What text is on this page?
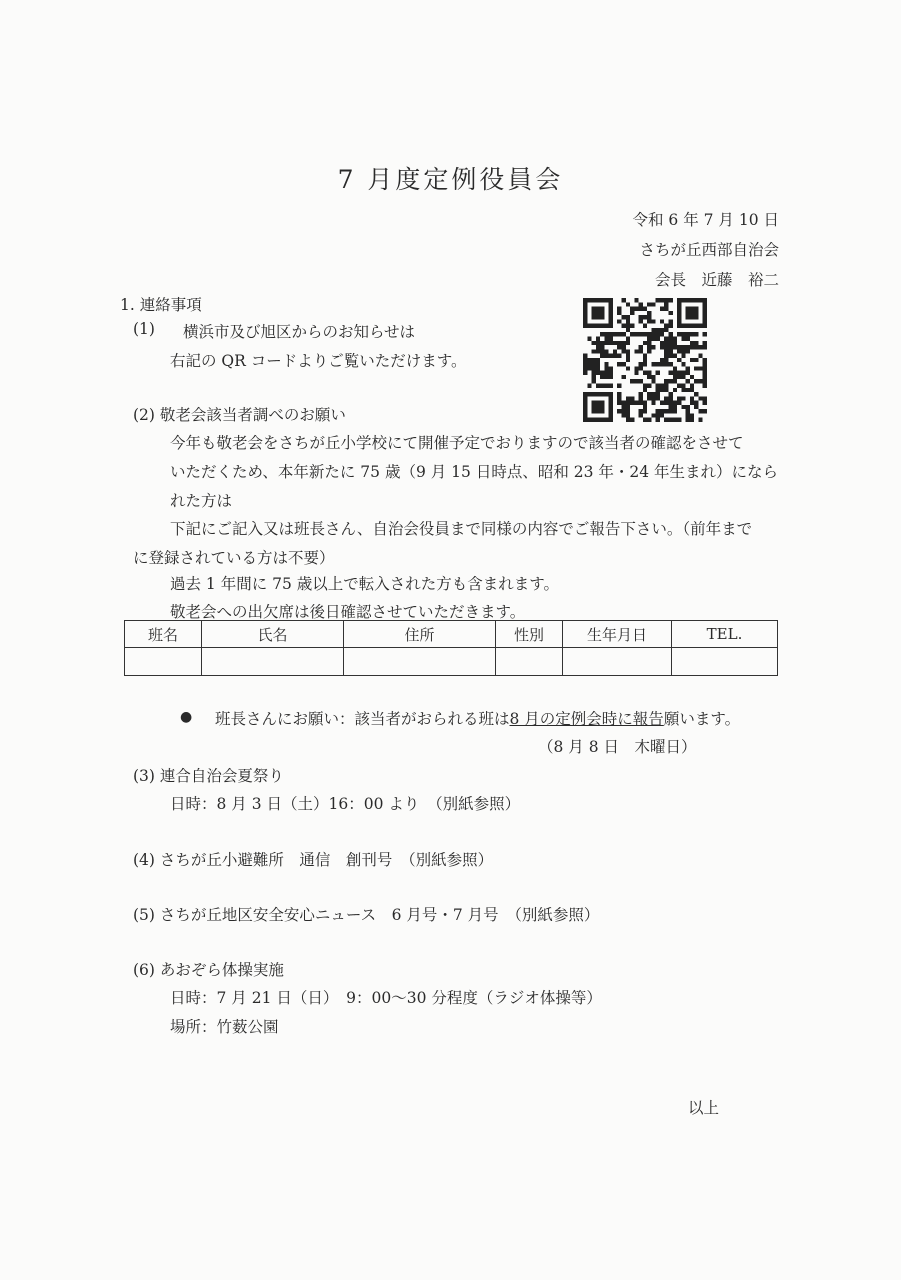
7 月度定例役員会
令和 6 年 7 月 10 日
さちが丘西部自治会
会長　近藤　裕二
1. 連絡事項
(1) 横浜市及び旭区からのお知らせは
右記の QR コードよりご覧いただけます。
(2) 敬老会該当者調べのお願い
今年も敬老会をさちが丘小学校にて開催予定でおりますので該当者の確認をさせて
いただくため、本年新たに 75 歳（9 月 15 日時点、昭和 23 年・24 年生まれ）になら
れた方は
下記にご記入又は班長さん、自治会役員まで同様の内容でご報告下さい。（前年まで
に登録されている方は不要）
過去 1 年間に 75 歳以上で転入された方も含まれます。
敬老会への出欠席は後日確認させていただきます。
班名	氏名	住所	性別	生年月日	TEL.

● 班長さんにお願い：該当者がおられる班は8 月の定例会時に報告願います。
（8 月 8 日　木曜日）
(3) 連合自治会夏祭り
日時：8 月 3 日（土）16：00 より　（別紙参照）
(4) さちが丘小避難所　通信　創刊号　（別紙参照）
(5) さちが丘地区安全安心ニュース　6 月号・7 月号　（別紙参照）
(6) あおぞら体操実施
日時：7 月 21 日（日）　9：00〜30 分程度（ラジオ体操等）
場所：竹薮公園
以上
